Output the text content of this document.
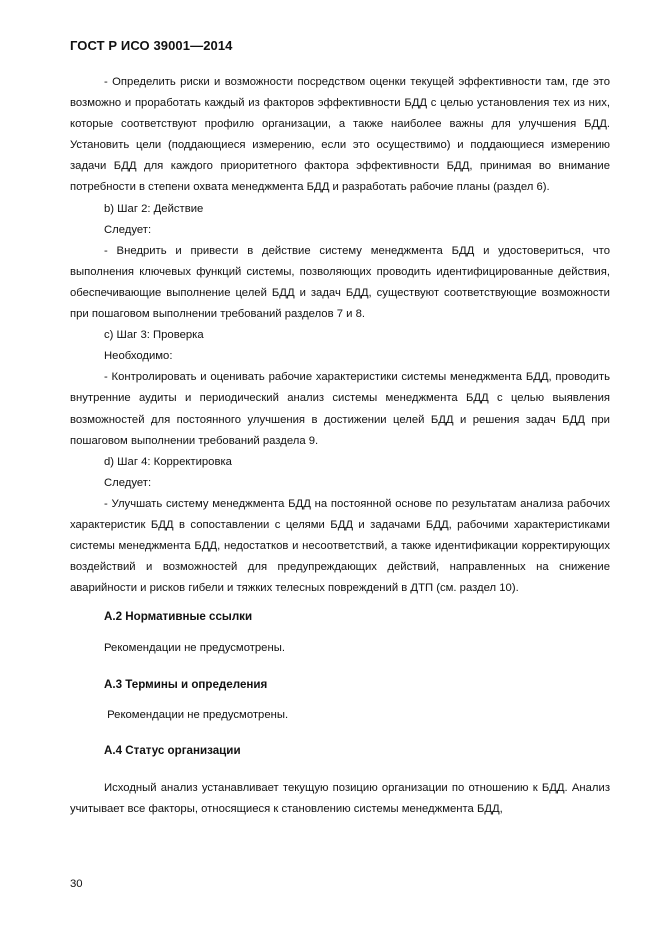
ГОСТ Р ИСО 39001—2014

- Определить риски и возможности посредством оценки текущей эффективности там, где это возможно и проработать каждый из факторов эффективности БДД с целью установления тех из них, которые соответствуют профилю организации, а также наиболее важны для улучшения БДД. Установить цели (поддающиеся измерению, если это осуществимо) и поддающиеся измерению задачи БДД для каждого приоритетного фактора эффективности БДД, принимая во внимание потребности в степени охвата менеджмента БДД и разработать рабочие планы (раздел 6).

b) Шаг 2: Действие

Следует:

- Внедрить и привести в действие систему менеджмента БДД и удостовериться, что выполнения ключевых функций системы, позволяющих проводить идентифицированные действия, обеспечивающие выполнение целей БДД и задач БДД, существуют соответствующие возможности при пошаговом выполнении требований разделов 7 и 8.

c) Шаг 3: Проверка

Необходимо:

- Контролировать и оценивать рабочие характеристики системы менеджмента БДД, проводить внутренние аудиты и периодический анализ системы менеджмента БДД с целью выявления возможностей для постоянного улучшения в достижении целей БДД и решения задач БДД при пошаговом выполнении требований раздела 9.

d) Шаг 4: Корректировка

Следует:

- Улучшать систему менеджмента БДД на постоянной основе по результатам анализа рабочих характеристик БДД в сопоставлении с целями БДД и задачами БДД, рабочими характеристиками системы менеджмента БДД, недостатков и несоответствий, а также идентификации корректирующих воздействий и возможностей для предупреждающих действий, направленных на снижение аварийности и рисков гибели и тяжких телесных повреждений в ДТП (см. раздел 10).

А.2 Нормативные ссылки

Рекомендации не предусмотрены.

А.3 Термины и определения

Рекомендации не предусмотрены.

А.4 Статус организации

Исходный анализ устанавливает текущую позицию организации по отношению к БДД. Анализ учитывает все факторы, относящиеся к становлению системы менеджмента БДД,

30
